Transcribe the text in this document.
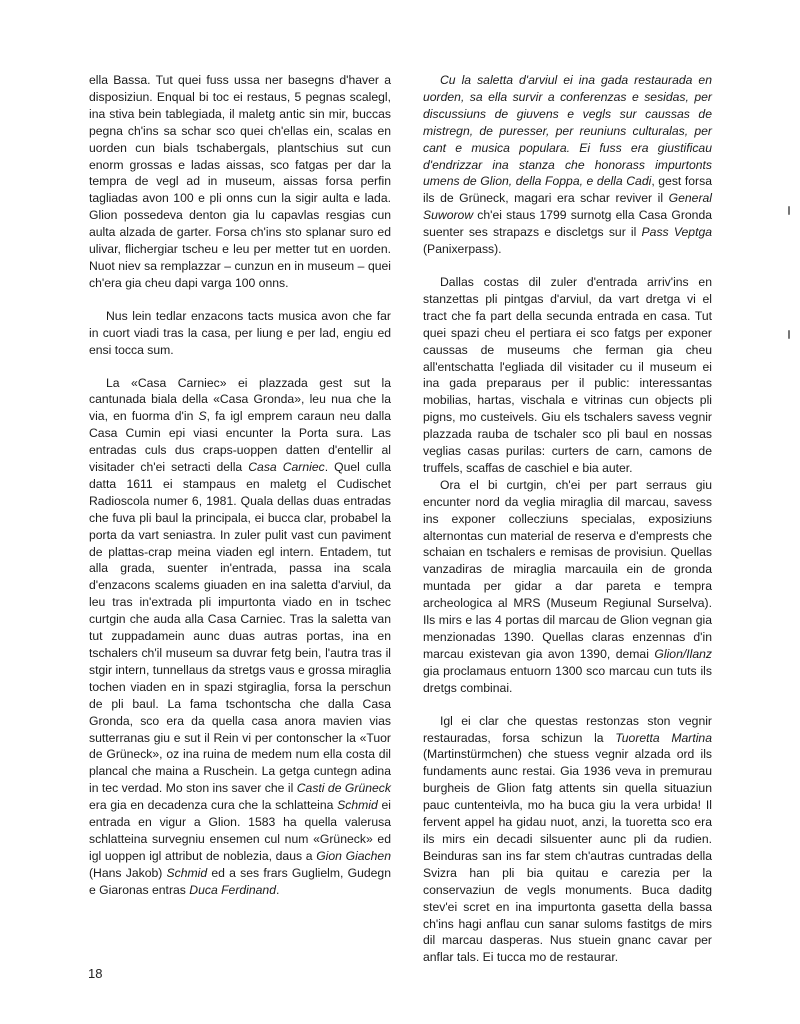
ella Bassa. Tut quei fuss ussa ner basegns d'haver a disposiziun. Enqual bi toc ei restaus, 5 pegnas scalegl, ina stiva bein tablegiada, il maletg antic sin mir, buccas pegna ch'ins sa schar sco quei ch'ellas ein, scalas en uorden cun bials tschabergals, plantschius sut cun enorm grossas e ladas aissas, sco fatgas per dar la tempra de vegl ad in museum, aissas forsa perfin tagliadas avon 100 e pli onns cun la sigir aulta e lada. Glion possedeva denton gia lu capavlas resgias cun aulta alzada de garter. Forsa ch'ins sto splanar suro ed ulivar, flichergiar tscheu e leu per metter tut en uorden. Nuot niev sa remplazzar – cunzun en in museum – quei ch'era gia cheu dapi varga 100 onns.

Nus lein tedlar enzacons tacts musica avon che far in cuort viadi tras la casa, per liung e per lad, engiu ed ensi tocca sum.

La «Casa Carniec» ei plazzada gest sut la cantunada biala della «Casa Gronda», leu nua che la via, en fuorma d'in S, fa igl emprem caraun neu dalla Casa Cumin epi viasi encunter la Porta sura. Las entradas culs dus craps-uoppen datten d'entellir al visitader ch'ei setracti della Casa Carniec. Quel culla datta 1611 ei stampaus en maletg el Cudischet Radioscola numer 6, 1981. Quala dellas duas entradas che fuva pli baul la principala, ei bucca clar, probabel la porta da vart seniastra. In zuler pulit vast cun paviment de plattas-crap meina viaden egl intern. Entadem, tut alla grada, suenter in'entrada, passa ina scala d'enzacons scalems giuaden en ina saletta d'arviul, da leu tras in'extrada pli impurtonta viado en in tschec curtgin che auda alla Casa Carniec. Tras la saletta van tut zuppadamein aunc duas autras portas, ina en tschalers ch'il museum sa duvrar fetg bein, l'autra tras il stgir intern, tunnellaus da stretgs vaus e grossa miraglia tochen viaden en in spazi stgiraglia, forsa la perschun de pli baul. La fama tschontscha che dalla Casa Gronda, sco era da quella casa anora mavien vias sutterranas giu e sut il Rein vi per contonscher la «Tuor de Grüneck», oz ina ruina de medem num ella costa dil plancal che maina a Ruschein. La getga cuntegn adina in tec verdad. Mo ston ins saver che il Casti de Grüneck era gia en decadenza cura che la schlatteina Schmid ei entrada en vigur a Glion. 1583 ha quella valerusa schlatteina survegniu ensemen cul num «Grüneck» ed igl uoppen igl attribut de noblezia, daus a Gion Giachen (Hans Jakob) Schmid ed a ses frars Guglielm, Gudegn e Giaronas entras Duca Ferdinand.

Cu la saletta d'arviul ei ina gada restaurada en uorden, sa ella survir a conferenzas e sesidas, per discussiuns de giuvens e vegls sur caussas de mistregn, de puresser, per reuniuns culturalas, per cant e musica populara. Ei fuss era giustificau d'endrizzar ina stanza che honorass impurtonts umens de Glion, della Foppa, e della Cadi, gest forsa ils de Grüneck, magari era schar reviver il General Suworow ch'ei staus 1799 surnotg ella Casa Gronda suenter ses strapazs e discletgs sur il Pass Veptga (Panixerpass).

Dallas costas dil zuler d'entrada arriv'ins en stanzettas pli pintgas d'arviul, da vart dretga vi el tract che fa part della secunda entrada en casa. Tut quei spazi cheu el pertiara ei sco fatgs per exponer caussas de museums che ferman gia cheu all'entschatta l'egliada dil visitader cu il museum ei ina gada preparaus per il public: interessantas mobilias, hartas, vischala e vitrinas cun objects pli pigns, mo custeivels. Giu els tschalers savess vegnir plazzada rauba de tschaler sco pli baul en nossas veglias casas purilas: curters de carn, camons de truffels, scaffas de caschiel e bia auter.

Ora el bi curtgin, ch'ei per part serraus giu encunter nord da veglia miraglia dil marcau, savess ins exponer collecziuns specialas, exposiziuns alternontas cun material de reserva e d'emprests che schaian en tschalers e remisas de provisiun. Quellas vanzadiras de miraglia marcauila ein de gronda muntada per gidar a dar pareta e tempra archeologica al MRS (Museum Regiunal Surselva). Ils mirs e las 4 portas dil marcau de Glion vegnan gia menzionadas 1390. Quellas claras enzennas d'in marcau existevan gia avon 1390, demai Glion/Ilanz gia proclamaus entuorn 1300 sco marcau cun tuts ils dretgs combinai.

Igl ei clar che questas restonzas ston vegnir restauradas, forsa schizun la Tuoretta Martina (Martinstürmchen) che stuess vegnir alzada ord ils fundaments aunc restai. Gia 1936 veva in premurau burgheis de Glion fatg attents sin quella situaziun pauc cuntenteivla, mo ha buca giu la vera urbida! Il fervent appel ha gidau nuot, anzi, la tuoretta sco era ils mirs ein decadi silsuenter aunc pli da rudien. Beinduras san ins far stem ch'autras cuntradas della Svizra han pli bia quitau e carezia per la conservaziun de vegls monuments. Buca daditg stev'ei scret en ina impurtonta gasetta della bassa ch'ins hagi anflau cun sanar suloms fastitgs de mirs dil marcau dasperas. Nus stuein gnanc cavar per anflar tals. Ei tucca mo de restaurar.

18
